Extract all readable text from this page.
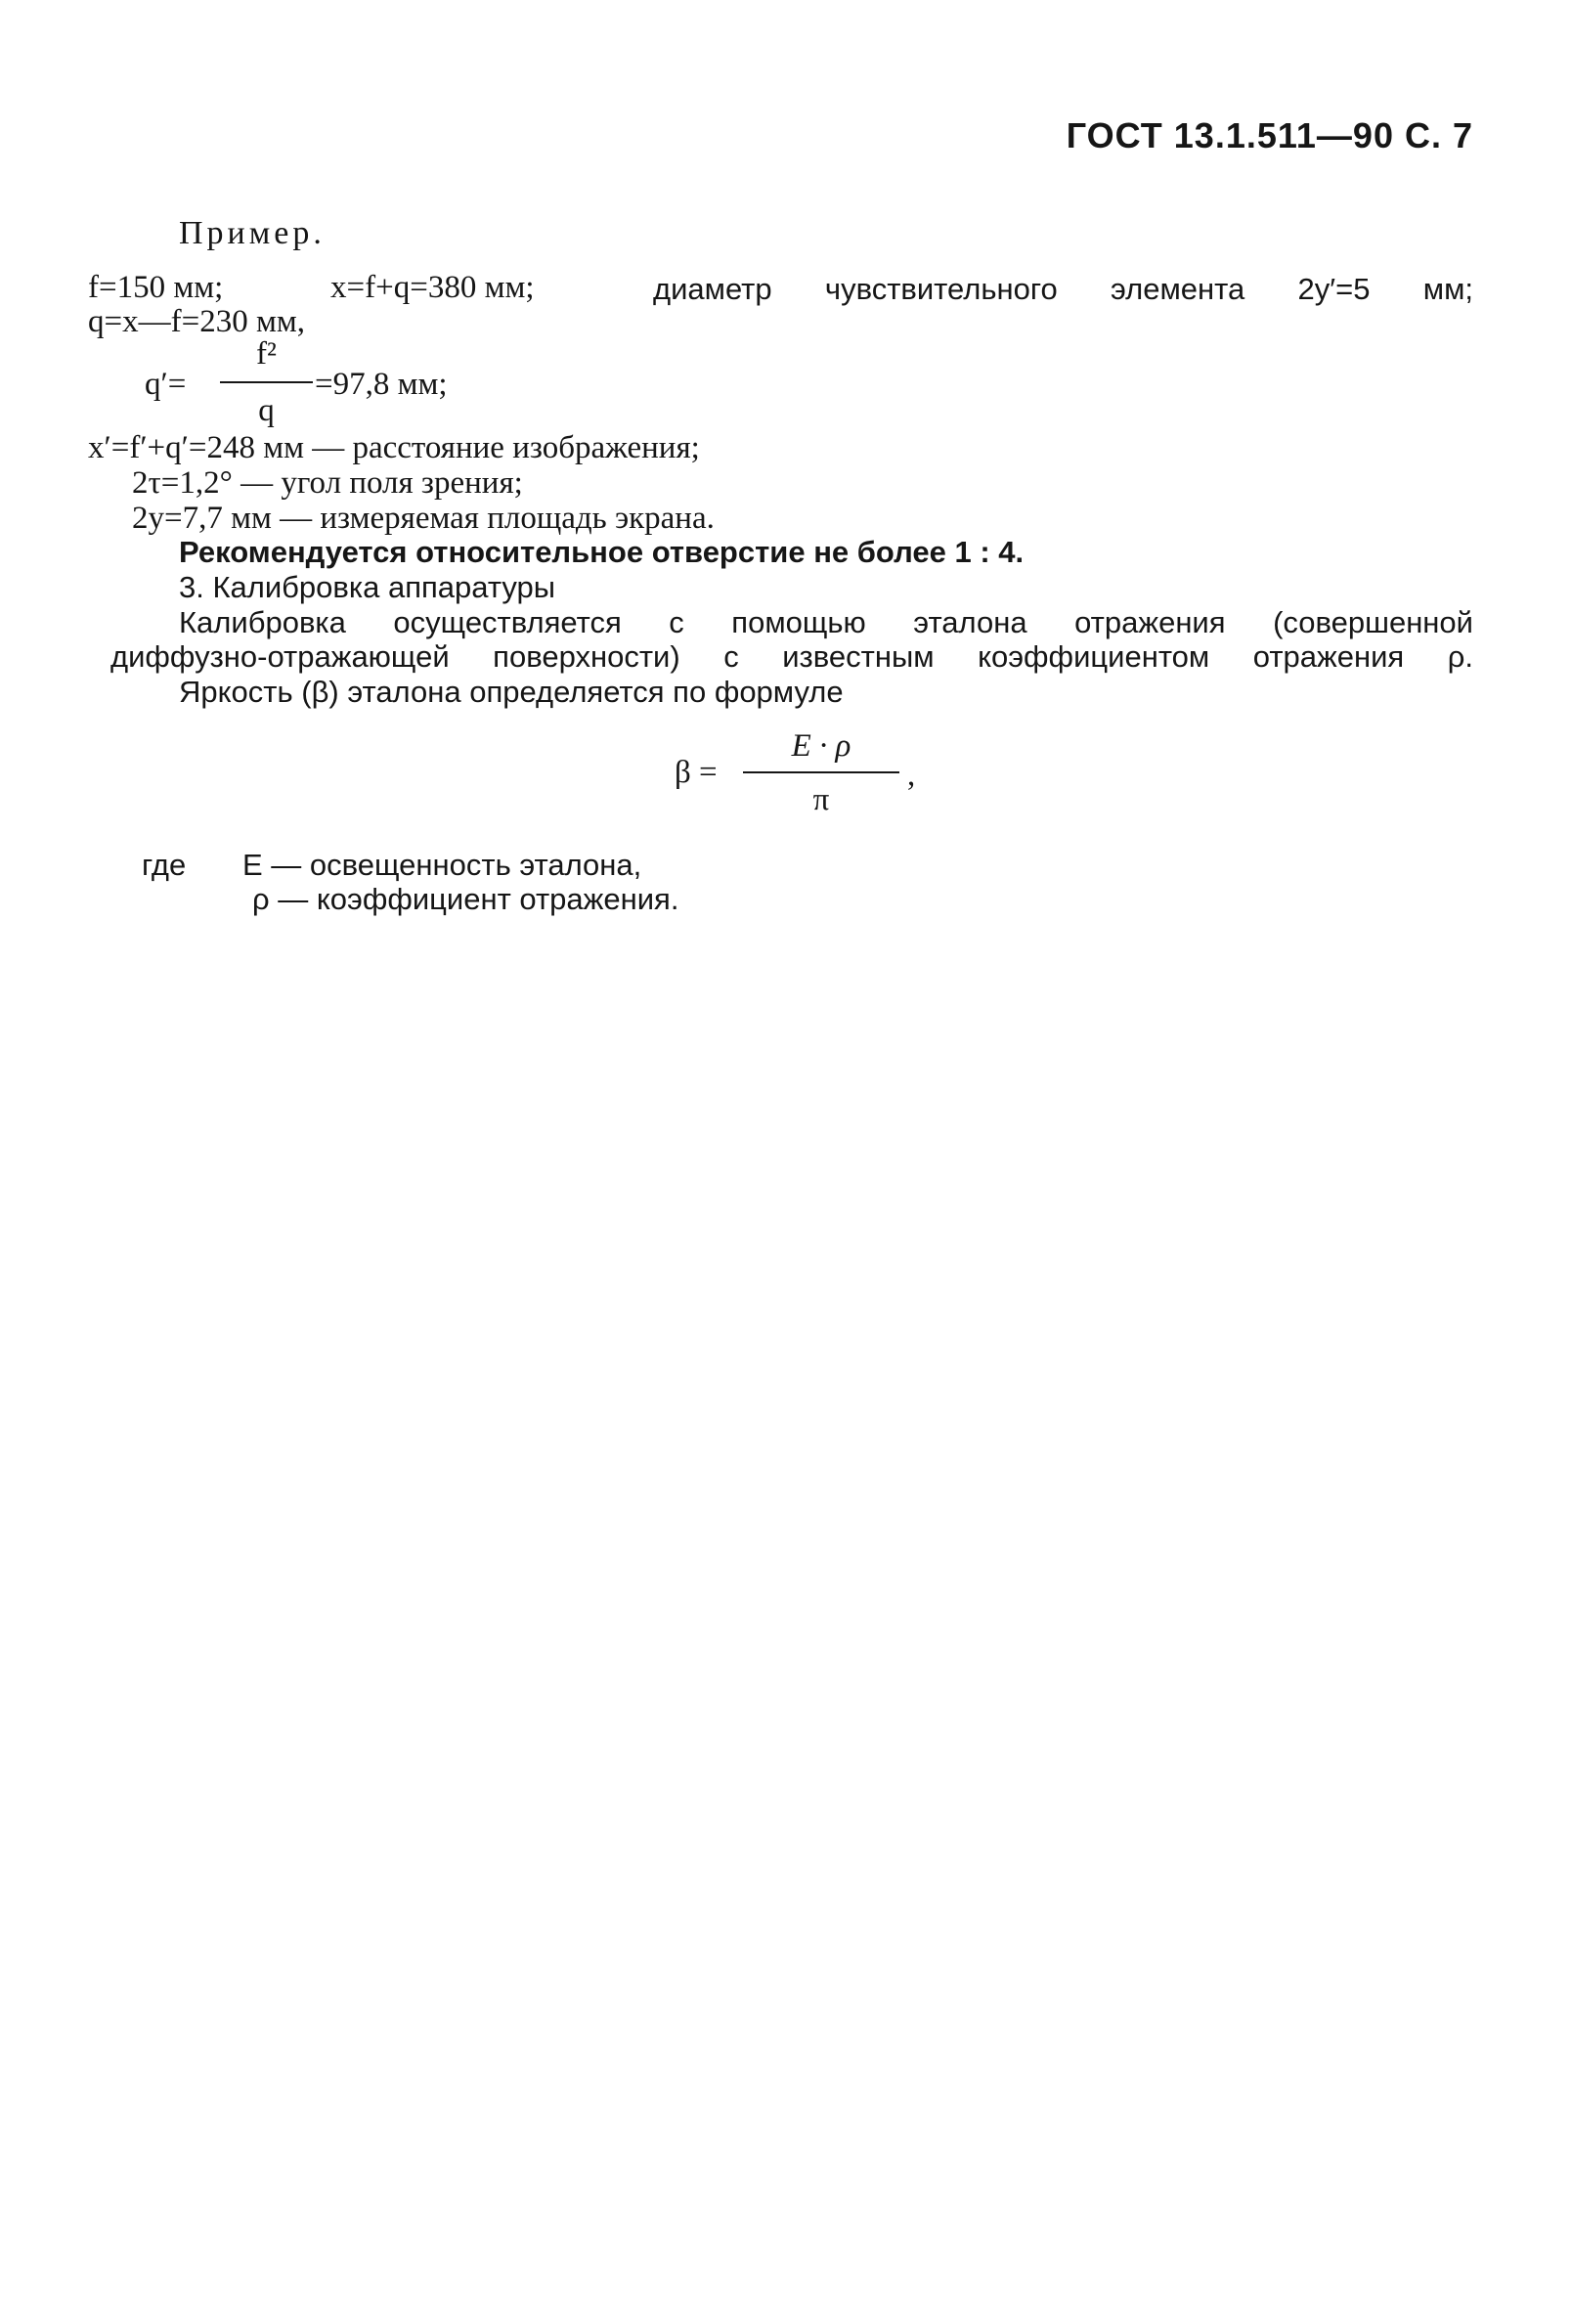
ГОСТ 13.1.511—90 С. 7
Пример.
f=150 мм;	x=f+q=380 мм;	диаметр чувствительного элемента 2y′=5 мм;
q=x—f=230 мм,
q′=
f²
q
=97,8 мм;
x′=f′+q′=248 мм — расстояние изображения;
2τ=1,2° — угол поля зрения;
2y=7,7 мм — измеряемая площадь экрана.
Рекомендуется относительное отверстие не более 1 : 4.
3. Калибровка аппаратуры
Калибровка осуществляется с помощью эталона отражения (совершенной
диффузно-отражающей поверхности) с известным коэффициентом отражения ρ.
Яркость (β) эталона определяется по формуле
β =
E · ρ
π
,
где E — освещенность эталона,
ρ — коэффициент отражения.
